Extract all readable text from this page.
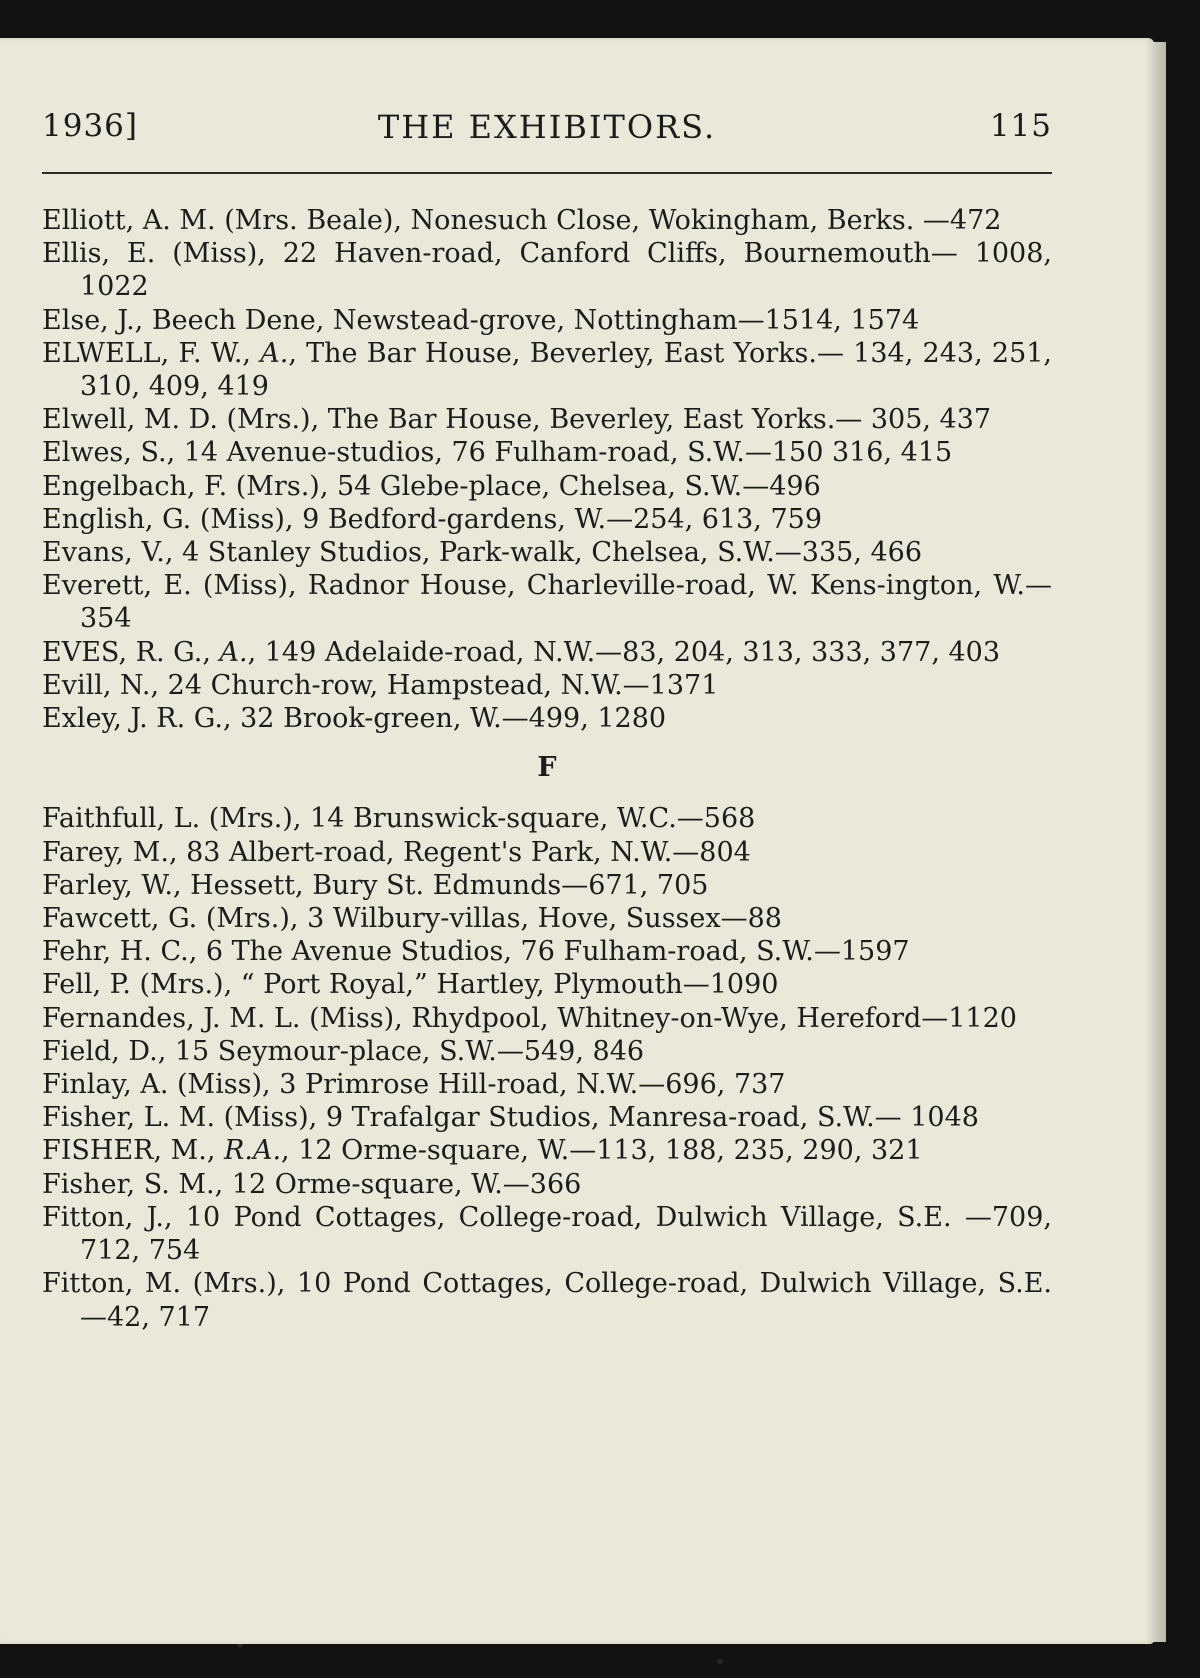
1936]	THE EXHIBITORS.	115

Elliott, A. M. (Mrs. Beale), Nonesuch Close, Wokingham, Berks. —472

Ellis, E. (Miss), 22 Haven-road, Canford Cliffs, Bournemouth— 1008, 1022

Else, J., Beech Dene, Newstead-grove, Nottingham—1514, 1574

ELWELL, F. W., A., The Bar House, Beverley, East Yorks.— 134, 243, 251, 310, 409, 419

Elwell, M. D. (Mrs.), The Bar House, Beverley, East Yorks.— 305, 437

Elwes, S., 14 Avenue-studios, 76 Fulham-road, S.W.—150 316, 415

Engelbach, F. (Mrs.), 54 Glebe-place, Chelsea, S.W.—496

English, G. (Miss), 9 Bedford-gardens, W.—254, 613, 759

Evans, V., 4 Stanley Studios, Park-walk, Chelsea, S.W.—335, 466

Everett, E. (Miss), Radnor House, Charleville-road, W. Kens-ington, W.—354

EVES, R. G., A., 149 Adelaide-road, N.W.—83, 204, 313, 333, 377, 403

Evill, N., 24 Church-row, Hampstead, N.W.—1371

Exley, J. R. G., 32 Brook-green, W.—499, 1280

F

Faithfull, L. (Mrs.), 14 Brunswick-square, W.C.—568

Farey, M., 83 Albert-road, Regent's Park, N.W.—804

Farley, W., Hessett, Bury St. Edmunds—671, 705

Fawcett, G. (Mrs.), 3 Wilbury-villas, Hove, Sussex—88

Fehr, H. C., 6 The Avenue Studios, 76 Fulham-road, S.W.—1597

Fell, P. (Mrs.), “ Port Royal,” Hartley, Plymouth—1090

Fernandes, J. M. L. (Miss), Rhydpool, Whitney-on-Wye, Hereford—1120

Field, D., 15 Seymour-place, S.W.—549, 846

Finlay, A. (Miss), 3 Primrose Hill-road, N.W.—696, 737

Fisher, L. M. (Miss), 9 Trafalgar Studios, Manresa-road, S.W.— 1048

FISHER, M., R.A., 12 Orme-square, W.—113, 188, 235, 290, 321

Fisher, S. M., 12 Orme-square, W.—366

Fitton, J., 10 Pond Cottages, College-road, Dulwich Village, S.E. —709, 712, 754

Fitton, M. (Mrs.), 10 Pond Cottages, College-road, Dulwich Village, S.E.—42, 717
